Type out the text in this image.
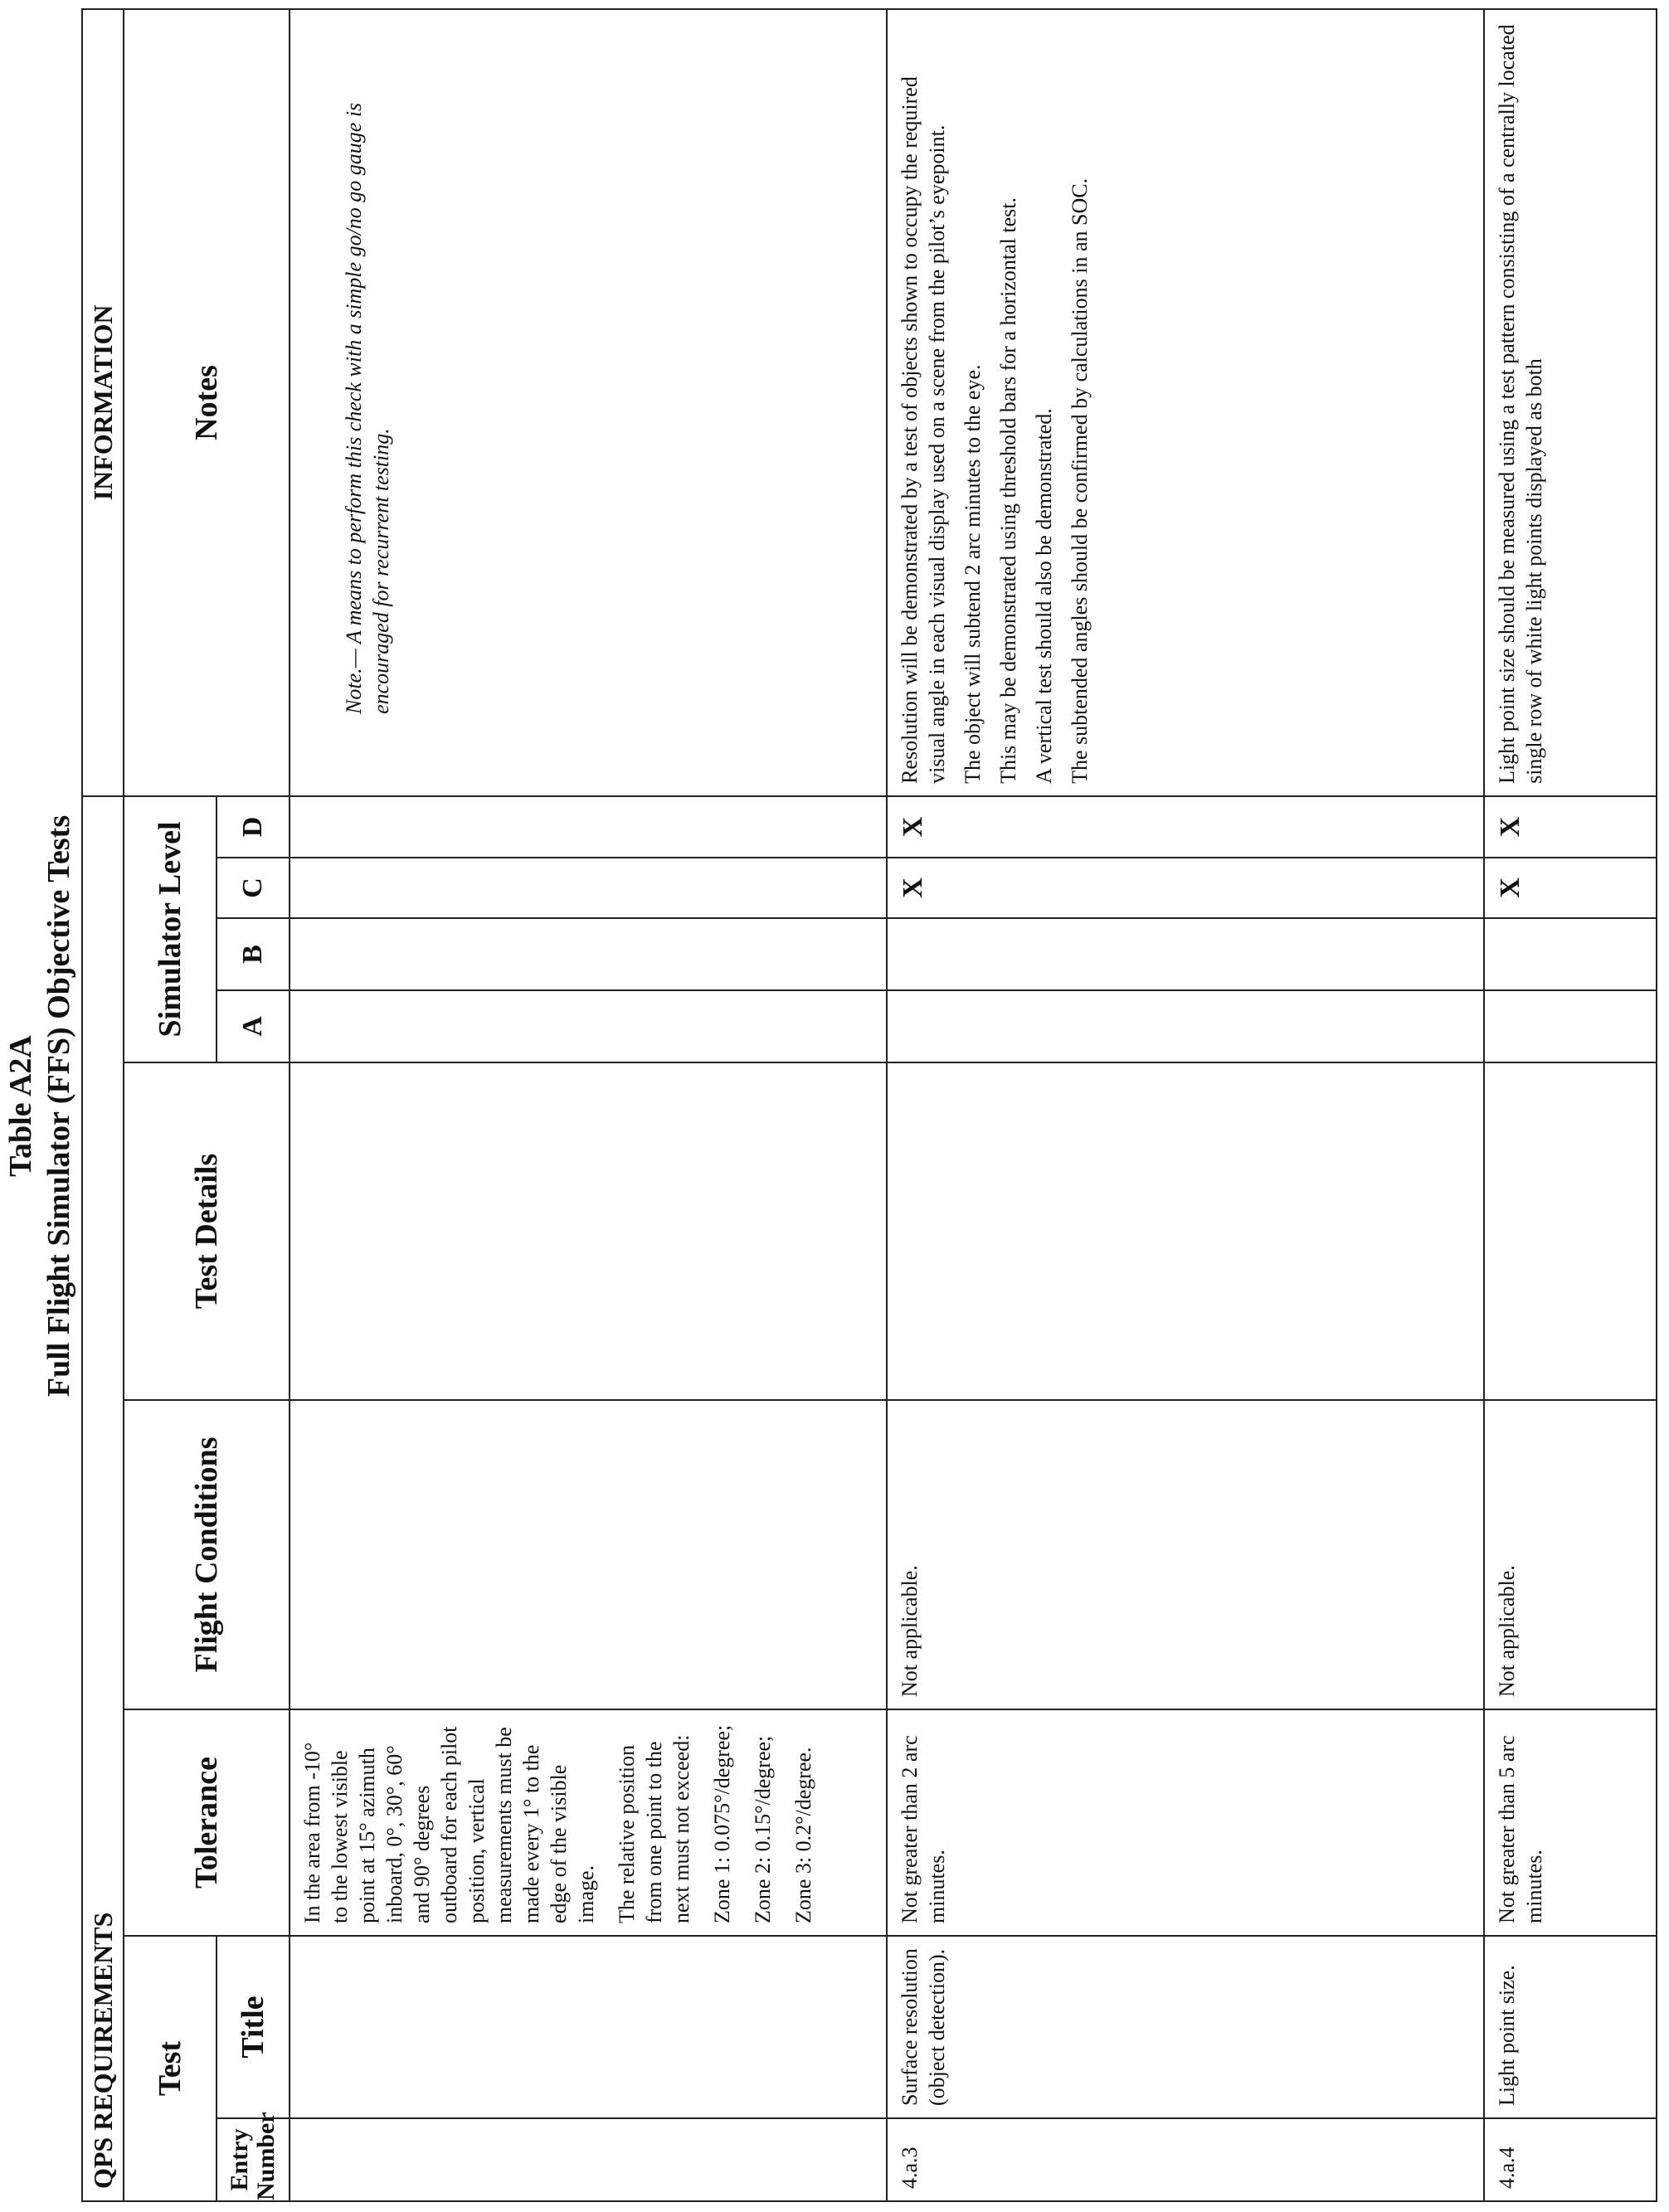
Table A2A Full Flight Simulator (FFS) Objective Tests
QPS REQUIREMENTS									INFORMATION
Test		Tolerance	Flight Conditions	Test Details	Simulator Level				Notes
Entry Number	Title				A	B	C	D	

		In the area from -10° to the lowest visible point at 15° azimuth inboard, 0°, 30°, 60° and 90° degrees outboard for each pilot position, vertical measurements must be made every 1° to the edge of the visible image. The relative position from one point to the next must not exceed: Zone 1: 0.075°/degree; Zone 2: 0.15°/degree; Zone 3: 0.2°/degree.							Note.— A means to perform this check with a simple go/no go gauge is encouraged for recurrent testing.

4.a.3	Surface resolution (object detection).	Not greater than 2 arc minutes.	Not applicable.				X	X	Resolution will be demonstrated by a test of objects shown to occupy the required visual angle in each visual display used on a scene from the pilot’s eyepoint. The object will subtend 2 arc minutes to the eye. This may be demonstrated using threshold bars for a horizontal test. A vertical test should also be demonstrated. The subtended angles should be confirmed by calculations in an SOC.

4.a.4	Light point size.	Not greater than 5 arc minutes.	Not applicable.				X	X	Light point size should be measured using a test pattern consisting of a centrally located single row of white light points displayed as both
